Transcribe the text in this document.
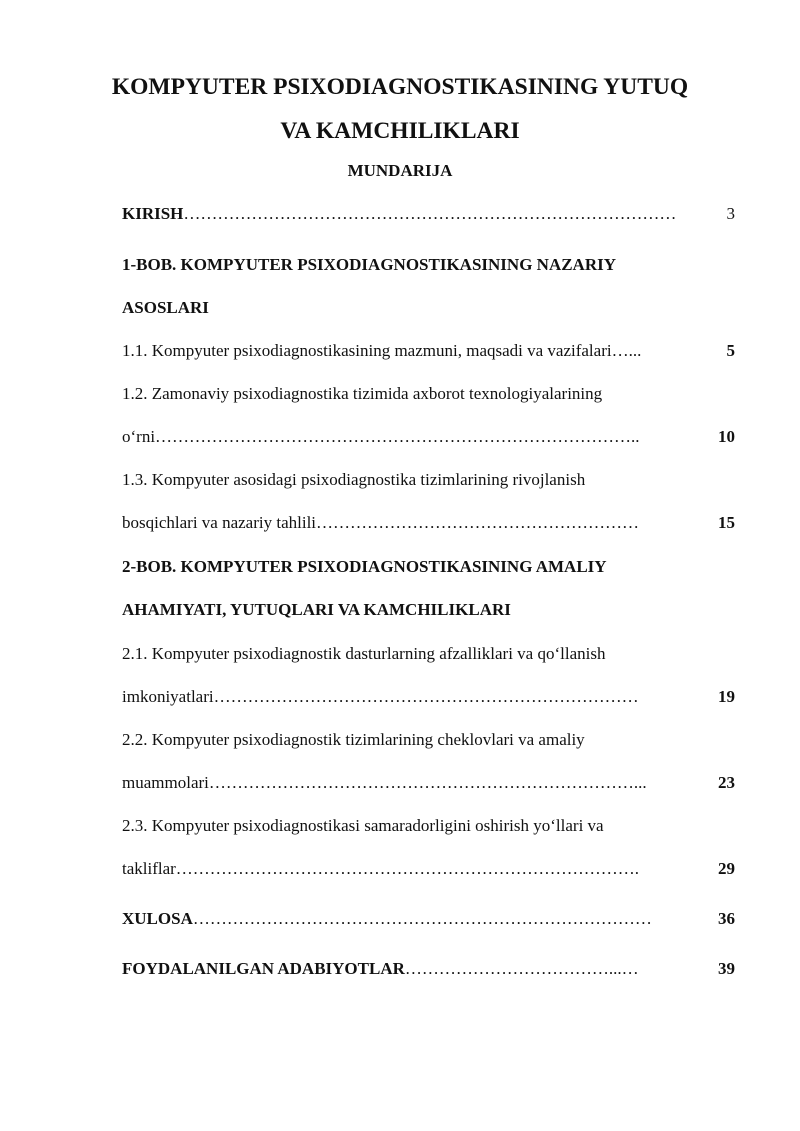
KOMPYUTER PSIXODIAGNOSTIKASINING YUTUQ
VA KAMCHILIKLARI
MUNDARIJA
KIRISH……………………………………………………………………………	3
1-BOB. KOMPYUTER PSIXODIAGNOSTIKASINING NAZARIY
ASOSLARI
1.1. Kompyuter psixodiagnostikasining mazmuni, maqsadi va vazifalari…...	5
1.2. Zamonaviy psixodiagnostika tizimida axborot texnologiyalarining
o‘rni…………………………………………………………………………..	10
1.3. Kompyuter asosidagi psixodiagnostika tizimlarining rivojlanish
bosqichlari va nazariy tahlili…………………………………………………	15
2-BOB. KOMPYUTER PSIXODIAGNOSTIKASINING AMALIY
AHAMIYATI, YUTUQLARI VA KAMCHILIKLARI
2.1. Kompyuter psixodiagnostik dasturlarning afzalliklari va qo‘llanish
imkoniyatlari…………………………………………………………………	19
2.2. Kompyuter psixodiagnostik tizimlarining cheklovlari va amaliy
muammolari…………………………………………………………………...	23
2.3. Kompyuter psixodiagnostikasi samaradorligini oshirish yo‘llari va
takliflar……………………………………………………………………….	29
XULOSA………………………………………………………………………	36
FOYDALANILGAN ADABIYOTLAR………………………………...…	39
